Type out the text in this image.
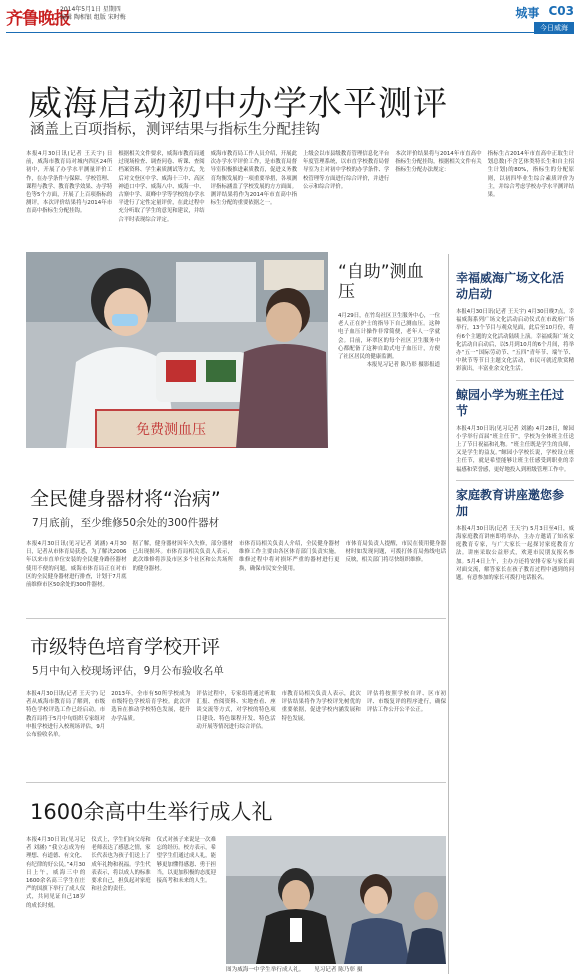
齐鲁晚报
2014年5月1日 星期四
编辑 陶相银 组版 宋时梅	城事 C03
今日威海
威海启动初中办学水平测评
涵盖上百项指标，测评结果与指标生分配挂钩
本报4月30日讯(记者 王天宇) 日前，威海市教育局对城内四区24所初中，开展了办学水平测量评价工作，在办学条件与保障、学校管理、课程与教学、教育教学效果、办学特色等5个方面，开展了上百项指标的测评，本次评价结果将与2014年市直高中指标生分配挂钩。
根据相关文件要求，威海市教育局通过现场检查、调查问卷、听课、查阅档案资料、学生素质测试等方式，先后对文登区中学、威海十三中、高区神道口中学、威海八中、威海一中、古寨中学、双峰中学等学校的办学水平进行了定性定量评价，在此过程中充分听取了学生的意见和建议，并结合平时表现综合评定。
威海市教育局工作人员介绍，开展此次办学水平评价工作，是市教育局督导室积极推进素质教育，促进义务教育均衡发展的一项重要举措，各项测评指标涵盖了学校发展的方方面面。测评结果将作为2014年市直高中指标生分配的重要依据之一。
上级会以市县级教育管理信息化平台年度管理系统，以市直学校教育局督导室为主对初中学校的办学条件、学校管理等方面进行综合评价，并进行公示和综合评价。
本次评价结果将与2014年市直高中指标生分配挂钩，根据相关文件有关指标生分配办法规定：
指标生占2014年市直高中正取生计划总数(不含艺体类特长生和自主招生计划)的80%，指标生的分配原则，以初四毕业生综合素质评价为主，并综合考虑学校办学水平测评结果。
免费测血压
“自助”测血压
4月29日，在竹岛社区卫生服务中心，一位老人正在护士的指导下自己测血压。这种电子血压计操作非常简便，老年人一学就会。目前，环翠区的每个社区卫生服务中心都配备了这种自助式电子血压计，方便了社区居民的健康监测。
本报见习记者 陈乃彰 摄影报道
全民健身器材将“治病”
7月底前，至少维修50余处的300件器材
本报4月30日讯(见习记者 刘涵) 4月30日，记者从市体育局获悉，为了解决2006年以来市直单位安装的全民健身路径器材使用不便的问题，威海市体育局正在对市区的全民健身器材进行排查，计划于7月底前维修市区50余处的300件器材。
据了解，健身器材因年久失修，部分器材已出现损坏。市体育局相关负责人表示，此次维修将涉及市区多个社区和公共场所的健身器材。
市体育局相关负责人介绍，全民健身器材维修工作主要由各区体育部门负责实施，维修过程中将对损坏严重的器材进行更换，确保市民安全使用。
市体育局负责人提醒，市民在使用健身器材时如发现问题，可拨打体育局热线电话反映，相关部门将尽快组织维修。
市级特色培育学校开评
5月中旬入校现场评估，9月公布验收名单
本报4月30日讯(记者 王天宇) 记者从威海市教育局了解到，市级特色学校评选工作已经启动。市教育局将于5月中旬组织专家组对申报学校进行入校现场评估，9月公布验收名单。
2013年，全市有50所学校成为市级特色学校培育学校。此次评选旨在推动学校特色发展，提升办学品质。
评估过程中，专家组将通过听取汇报、查阅资料、实地查看、座谈交流等方式，对学校的特色项目建设、特色课程开发、特色活动开展等情况进行综合评估。
市教育局相关负责人表示，此次评估结果将作为学校评先树优的重要依据，促进学校内涵发展和特色发展。
评估将按照学校自评、区市初评、市级复评的程序进行，确保评估工作公开公平公正。
1600余高中生举行成人礼
本报4月30日讯(见习记者 刘涵) “我立志成为有理想、有道德、有文化、有纪律的好公民。”4月30日上午，威海三中的1600余名高三学生在庄严的国旗下举行了成人仪式，共同见证自己18岁的成长时刻。
仪式上，学生们向父母和老师表达了感恩之情，家长代表也为孩子们送上了成年礼物和祝福。学生代表表示，将以成人的标准要求自己，担负起对家庭和社会的责任。
仪式对孩子来说是一次难忘的经历。校方表示，希望学生们通过成人礼，能够更加懂得感恩、勇于担当，以更加积极的态度迎接高考和未来的人生。
图为威海一中学生举行成人礼。 见习记者 陈乃彰 摄
幸福威海广场文化活动启动
本报4月30日讯(记者 王天宇) 4月30日晚7点，幸福威海系列广场文化活动启动仪式在市政府广场举行，13个节目与观众见面，此后至10月份，将有6个主题的文化活动陆续上演。幸福威海广场文化活动自启动后，以5月到10月的6个月间，将举办“五一”国际劳动节、“五四”青年节、端午节、中秋节等节日主题文化活动，市民可就近欣赏精彩演出，丰富业余文化生活。
鲸园小学为班主任过节
本报4月30日讯(见习记者 刘涵) 4月28日，鲸园小学举行首届“班主任节”，学校为全体班主任送上了节日祝福和礼物。“班主任既是学生的良师，又是学生的益友。”鲸园小学校长说，学校设立班主任节，就是希望能够让班主任感受到职业的幸福感和荣誉感，更好地投入到班级管理工作中。
家庭教育讲座邀您参加
本报4月30日讯(记者 王天宇) 5月3日至4日，威海家庭教育讲座即将举办，主办方邀请了知名家庭教育专家，与广大家长一起探讨家庭教育方法。讲座采取公益形式，欢迎市民朋友报名参加。5月4日上午，主办方还将安排专家与家长面对面交流，解答家长在孩子教育过程中遇到的问题。有意参加的家长可拨打电话报名。
